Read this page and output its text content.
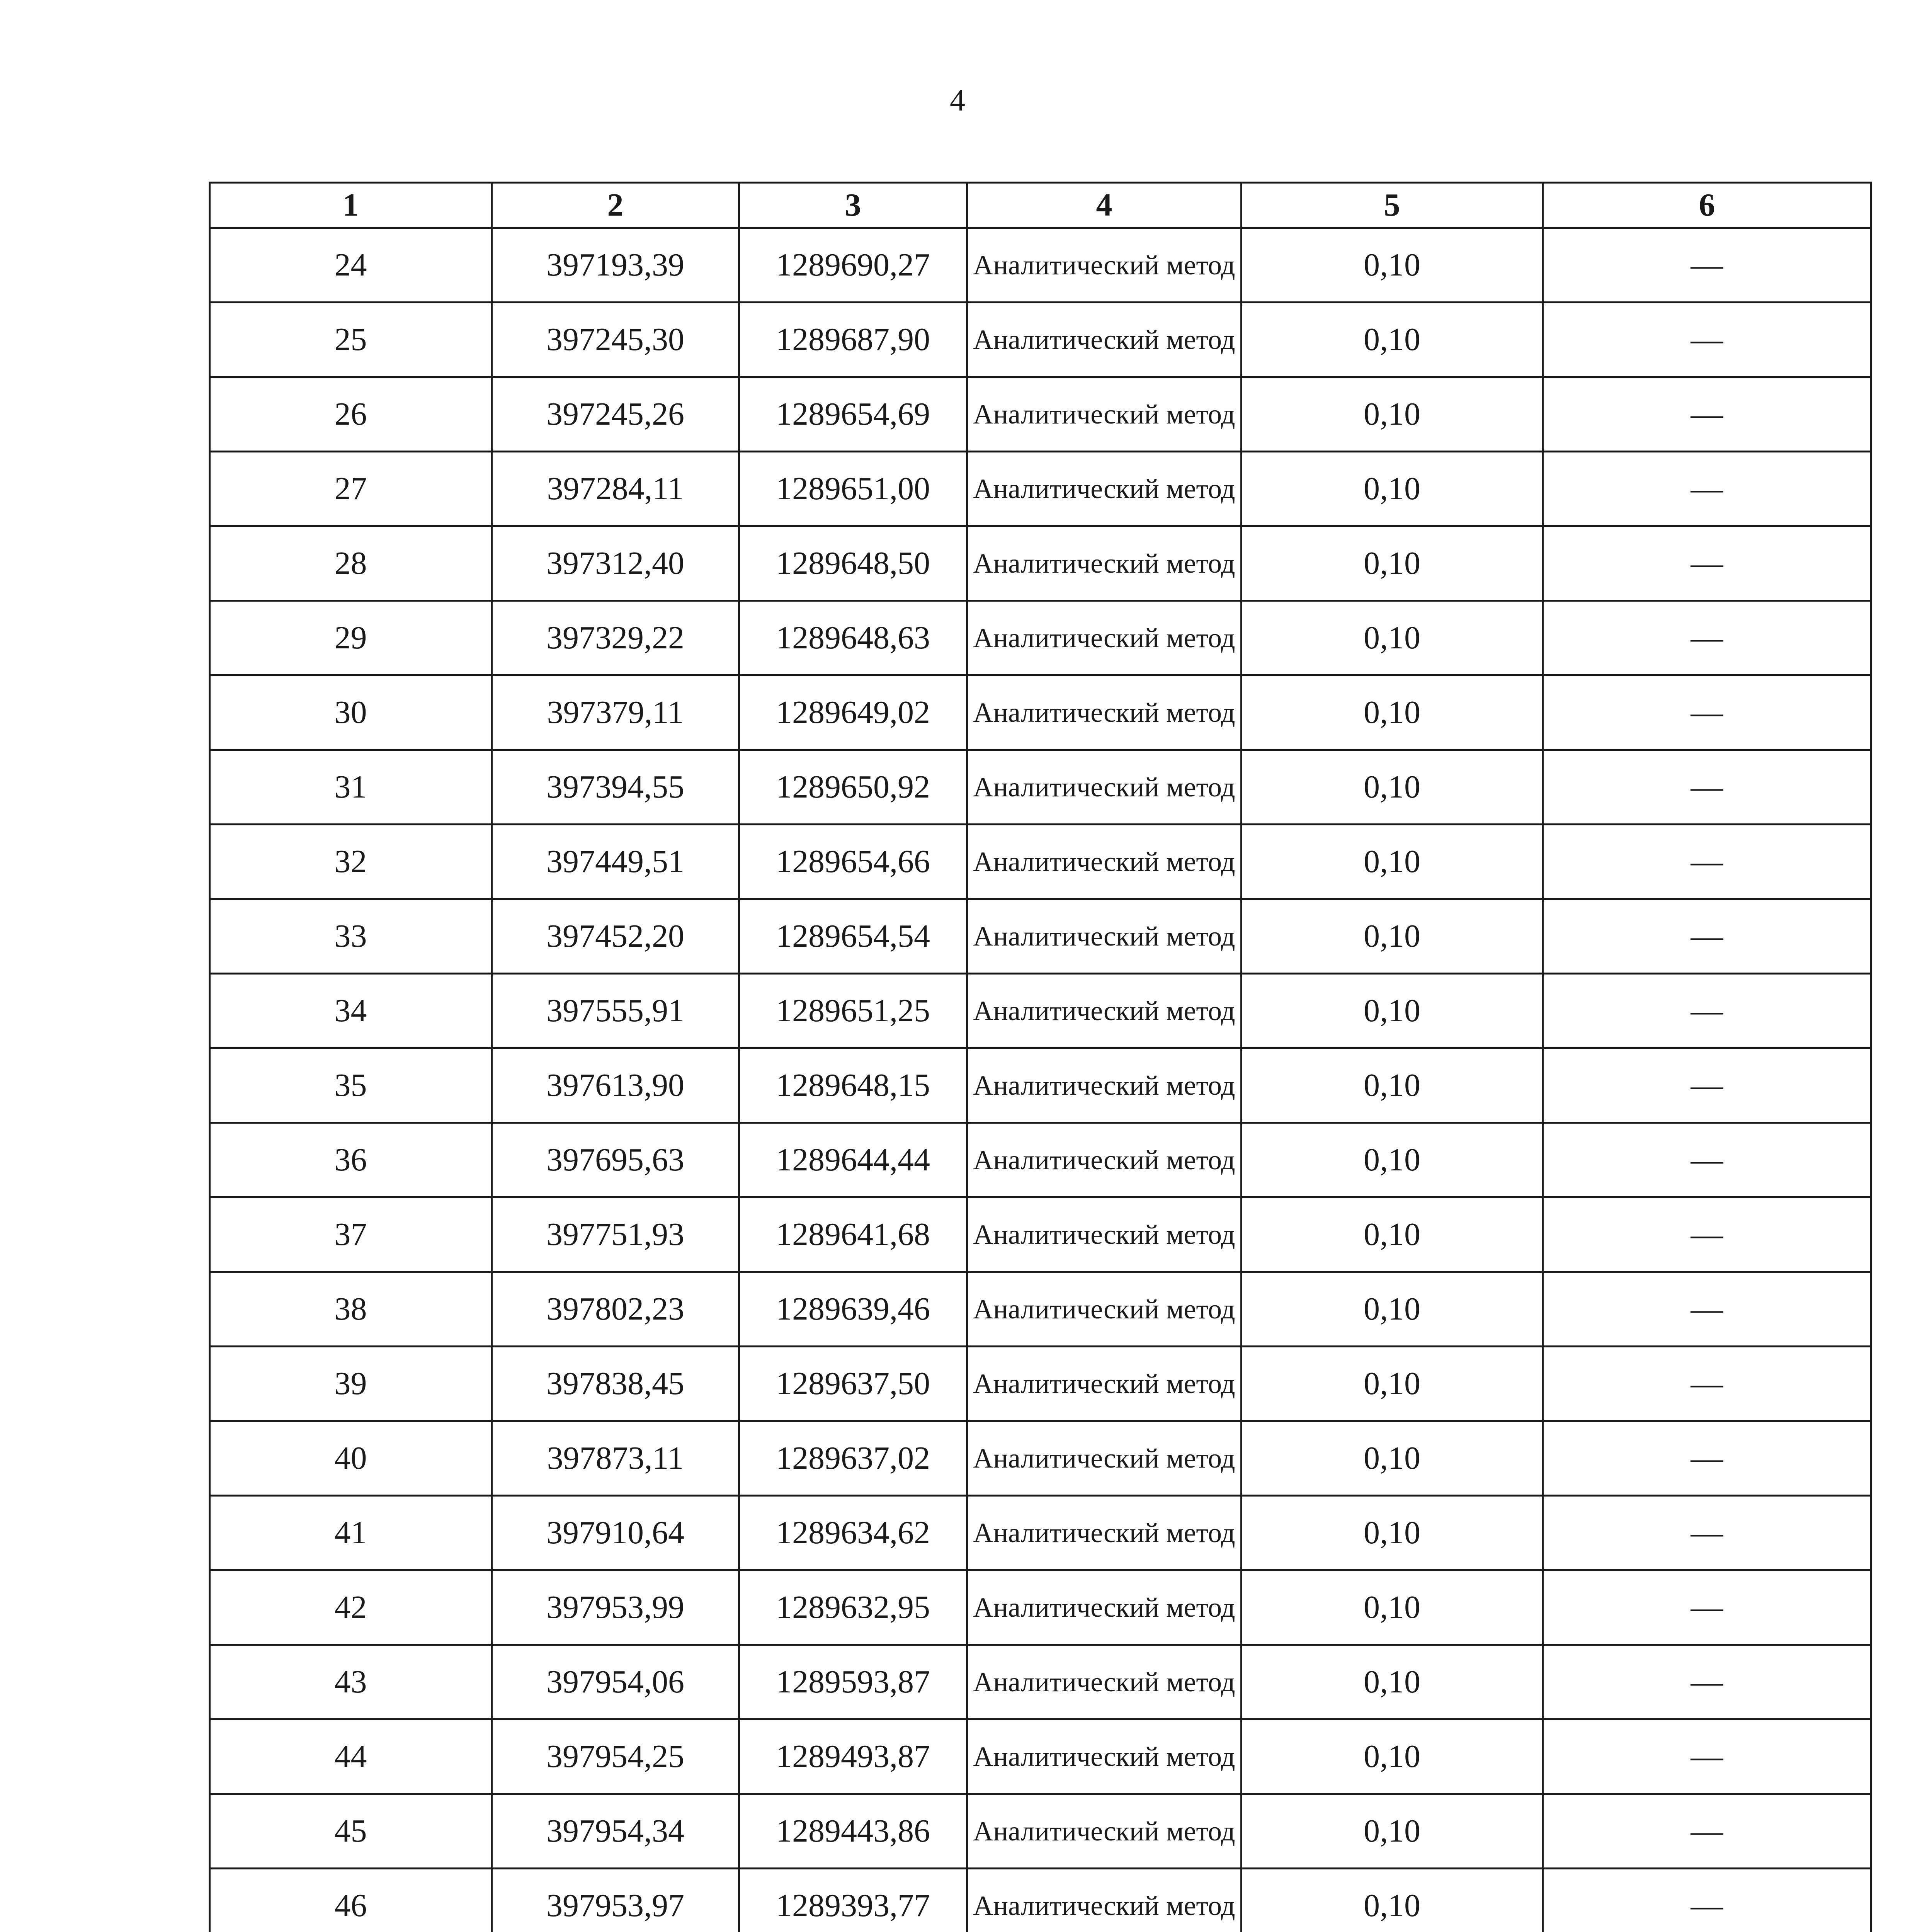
4
1	2	3	4	5	6
24	397193,39	1289690,27	Аналитический метод	0,10	—
25	397245,30	1289687,90	Аналитический метод	0,10	—
26	397245,26	1289654,69	Аналитический метод	0,10	—
27	397284,11	1289651,00	Аналитический метод	0,10	—
28	397312,40	1289648,50	Аналитический метод	0,10	—
29	397329,22	1289648,63	Аналитический метод	0,10	—
30	397379,11	1289649,02	Аналитический метод	0,10	—
31	397394,55	1289650,92	Аналитический метод	0,10	—
32	397449,51	1289654,66	Аналитический метод	0,10	—
33	397452,20	1289654,54	Аналитический метод	0,10	—
34	397555,91	1289651,25	Аналитический метод	0,10	—
35	397613,90	1289648,15	Аналитический метод	0,10	—
36	397695,63	1289644,44	Аналитический метод	0,10	—
37	397751,93	1289641,68	Аналитический метод	0,10	—
38	397802,23	1289639,46	Аналитический метод	0,10	—
39	397838,45	1289637,50	Аналитический метод	0,10	—
40	397873,11	1289637,02	Аналитический метод	0,10	—
41	397910,64	1289634,62	Аналитический метод	0,10	—
42	397953,99	1289632,95	Аналитический метод	0,10	—
43	397954,06	1289593,87	Аналитический метод	0,10	—
44	397954,25	1289493,87	Аналитический метод	0,10	—
45	397954,34	1289443,86	Аналитический метод	0,10	—
46	397953,97	1289393,77	Аналитический метод	0,10	—
